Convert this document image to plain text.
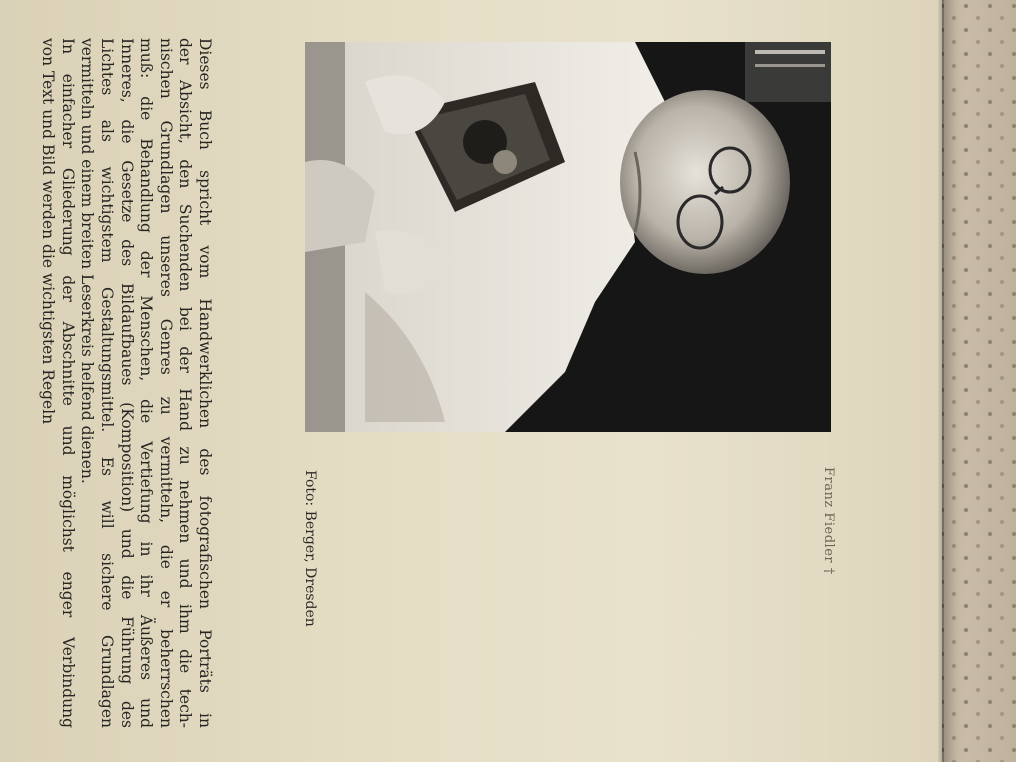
Franz Fiedler †
Foto: Berger, Dresden
Dieses Buch spricht vom Handwerklichen des fotografischen Porträts in
der Absicht, den Suchenden bei der Hand zu nehmen und ihm die tech-
nischen Grundlagen unseres Genres zu vermitteln, die er beherrschen
muß: die Behandlung der Menschen, die Vertiefung in ihr Äußeres und
Inneres, die Gesetze des Bildaufbaues (Komposition) und die Führung des
Lichtes als wichtigstem Gestaltungsmittel. Es will sichere Grundlagen
vermitteln und einem breiten Leserkreis helfend dienen.
In einfacher Gliederung der Abschnitte und möglichst enger Verbindung
von Text und Bild werden die wichtigsten Regeln
